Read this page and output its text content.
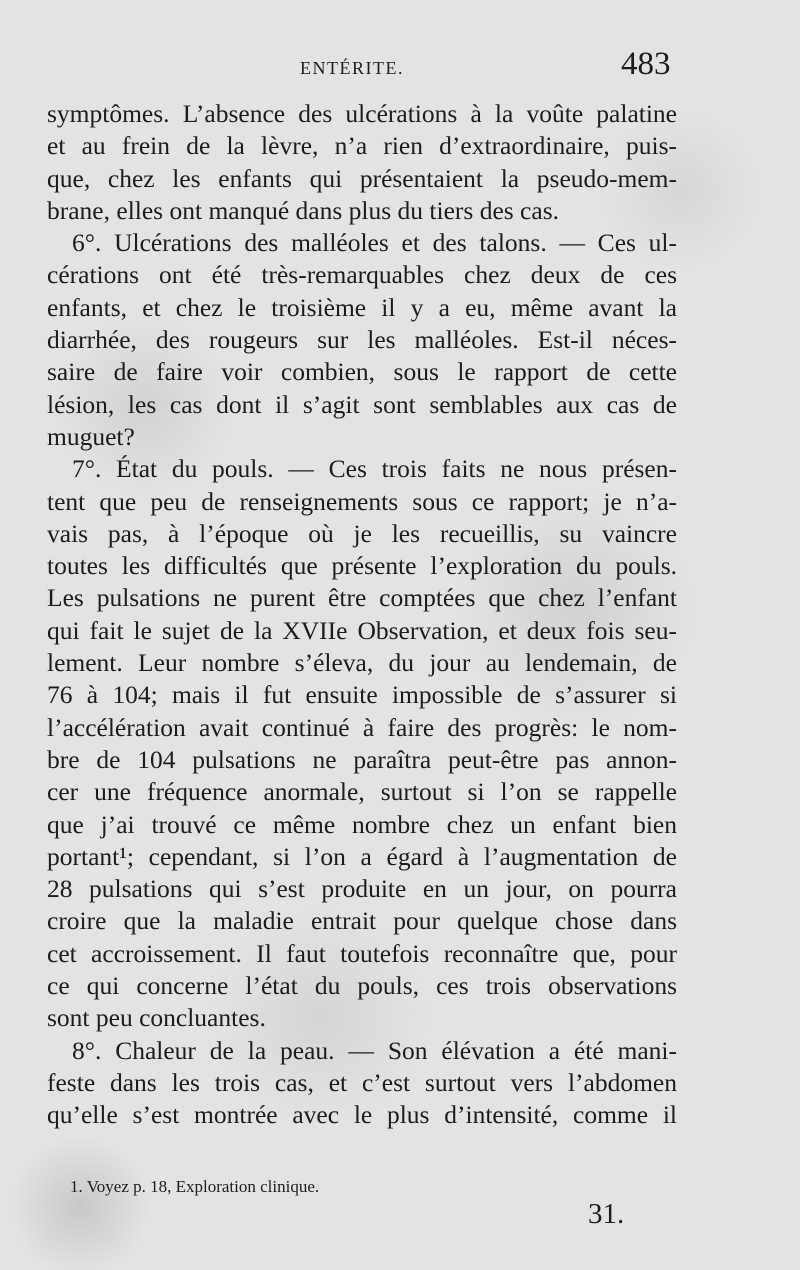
ENTÉRITE.	483
symptômes. L’absence des ulcérations à la voûte palatine
et au frein de la lèvre, n’a rien d’extraordinaire, puis-
que, chez les enfants qui présentaient la pseudo-mem-
brane, elles ont manqué dans plus du tiers des cas.
6°. Ulcérations des malléoles et des talons. — Ces ul-
cérations ont été très-remarquables chez deux de ces
enfants, et chez le troisième il y a eu, même avant la
diarrhée, des rougeurs sur les malléoles. Est-il néces-
saire de faire voir combien, sous le rapport de cette
lésion, les cas dont il s’agit sont semblables aux cas de
muguet?
7°. État du pouls. — Ces trois faits ne nous présen-
tent que peu de renseignements sous ce rapport; je n’a-
vais pas, à l’époque où je les recueillis, su vaincre
toutes les difficultés que présente l’exploration du pouls.
Les pulsations ne purent être comptées que chez l’enfant
qui fait le sujet de la XVIIe Observation, et deux fois seu-
lement. Leur nombre s’éleva, du jour au lendemain, de
76 à 104; mais il fut ensuite impossible de s’assurer si
l’accélération avait continué à faire des progrès: le nom-
bre de 104 pulsations ne paraîtra peut-être pas annon-
cer une fréquence anormale, surtout si l’on se rappelle
que j’ai trouvé ce même nombre chez un enfant bien
portant¹; cependant, si l’on a égard à l’augmentation de
28 pulsations qui s’est produite en un jour, on pourra
croire que la maladie entrait pour quelque chose dans
cet accroissement. Il faut toutefois reconnaître que, pour
ce qui concerne l’état du pouls, ces trois observations
sont peu concluantes.
8°. Chaleur de la peau. — Son élévation a été mani-
feste dans les trois cas, et c’est surtout vers l’abdomen
qu’elle s’est montrée avec le plus d’intensité, comme il
1. Voyez p. 18, Exploration clinique.
31.
